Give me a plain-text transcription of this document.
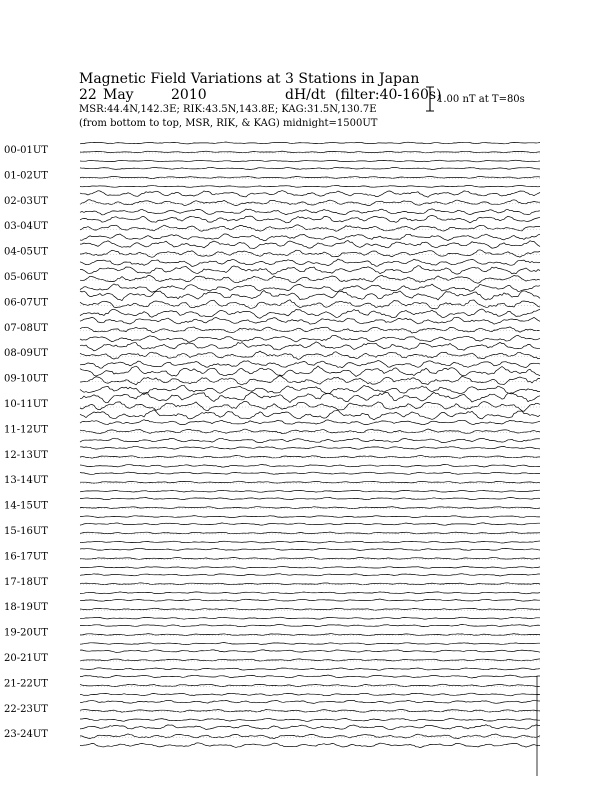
Magnetic Field Variations at 3 Stations in Japan
22 May	2010	dH/dt (filter:40-160s)
MSR:44.4N,142.3E; RIK:43.5N,143.8E; KAG:31.5N,130.7E
(from bottom to top, MSR, RIK, & KAG) midnight=1500UT
1.00 nT at T=80s
00-01UT
01-02UT
02-03UT
03-04UT
04-05UT
05-06UT
06-07UT
07-08UT
08-09UT
09-10UT
10-11UT
11-12UT
12-13UT
13-14UT
14-15UT
15-16UT
16-17UT
17-18UT
18-19UT
19-20UT
20-21UT
21-22UT
22-23UT
23-24UT
